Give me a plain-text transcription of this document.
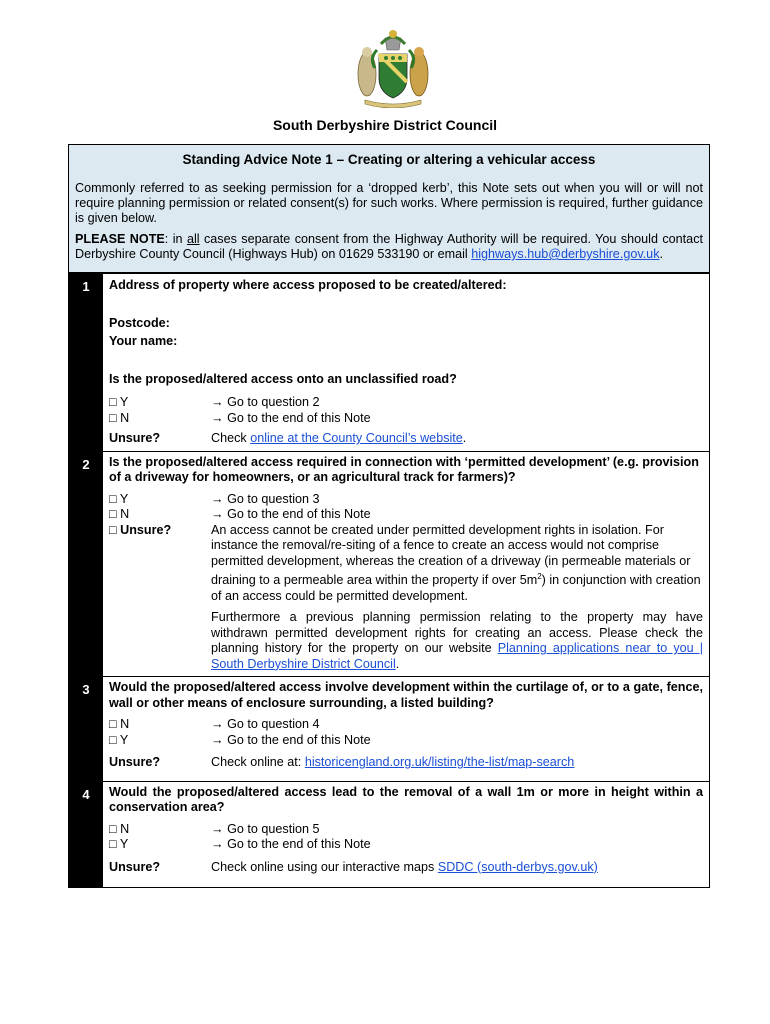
South Derbyshire District Council
Standing Advice Note 1 – Creating or altering a vehicular access

Commonly referred to as seeking permission for a ‘dropped kerb’, this Note sets out when you will or will not require planning permission or related consent(s) for such works. Where permission is required, further guidance is given below.

PLEASE NOTE: in all cases separate consent from the Highway Authority will be required. You should contact Derbyshire County Council (Highways Hub) on 01629 533190 or email highways.hub@derbyshire.gov.uk.

1	Address of property where access proposed to be created/altered:
Postcode:
Your name:
Is the proposed/altered access onto an unclassified road?
□ Y	→ Go to question 2
□ N	→ Go to the end of this Note
Unsure?	Check online at the County Council’s website.
2	Is the proposed/altered access required in connection with ‘permitted development’ (e.g. provision of a driveway for homeowners, or an agricultural track for farmers)?
□ Y	→ Go to question 3
□ N	→ Go to the end of this Note
□ Unsure?	An access cannot be created under permitted development rights in isolation. For instance the removal/re-siting of a fence to create an access would not comprise permitted development, whereas the creation of a driveway (in permeable materials or draining to a permeable area within the property if over $5m^2$) in conjunction with creation of an access could be permitted development.
Furthermore a previous planning permission relating to the property may have withdrawn permitted development rights for creating an access. Please check the planning history for the property on our website Planning applications near to you | South Derbyshire District Council.
3	Would the proposed/altered access involve development within the curtilage of, or to a gate, fence, wall or other means of enclosure surrounding, a listed building?
□ N	→ Go to question 4
□ Y	→ Go to the end of this Note
Unsure?	Check online at: historicengland.org.uk/listing/the-list/map-search
4	Would the proposed/altered access lead to the removal of a wall 1m or more in height within a conservation area?
□ N	→ Go to question 5
□ Y	→ Go to the end of this Note
Unsure?	Check online using our interactive maps SDDC (south-derbys.gov.uk)
